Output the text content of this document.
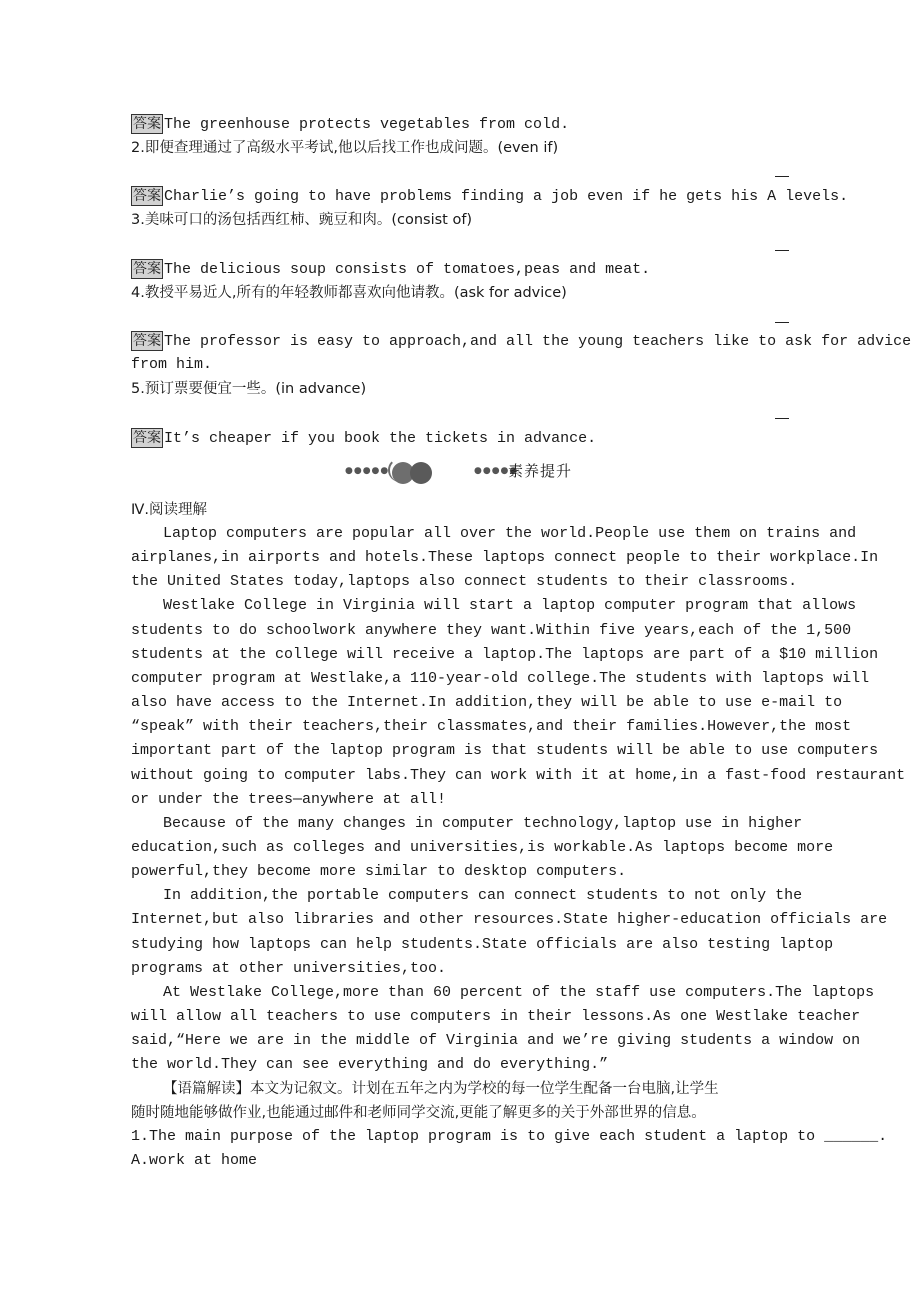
答案 The greenhouse protects vegetables from cold.
2.即便查理通过了高级水平考试,他以后找工作也成问题。(even if)
答案 Charlie’s going to have problems finding a job even if he gets his A levels.
3.美味可口的汤包括西红柿、豌豆和肉。(consist of)
答案 The delicious soup consists of tomatoes,peas and meat.
4.教授平易近人,所有的年轻教师都喜欢向他请教。(ask for advice)
答案 The professor is easy to approach,and all the young teachers like to ask for advice
from him.
5.预订票要便宜一些。(in advance)
答案 It’s cheaper if you book the tickets in advance.
●●●●●	●●●●●
素养提升
Ⅳ.阅读理解
Laptop computers are popular all over the world.People use them on trains and
airplanes,in airports and hotels.These laptops connect people to their workplace.In
the United States today,laptops also connect students to their classrooms.
Westlake College in Virginia will start a laptop computer program that allows
students to do schoolwork anywhere they want.Within five years,each of the 1,500
students at the college will receive a laptop.The laptops are part of a $10 million
computer program at Westlake,a 110-year-old college.The students with laptops will
also have access to the Internet.In addition,they will be able to use e-mail to
“speak” with their teachers,their classmates,and their families.However,the most
important part of the laptop program is that students will be able to use computers
without going to computer labs.They can work with it at home,in a fast-food restaurant
or under the trees—anywhere at all!
Because of the many changes in computer technology,laptop use in higher
education,such as colleges and universities,is workable.As laptops become more
powerful,they become more similar to desktop computers.
In addition,the portable computers can connect students to not only the
Internet,but also libraries and other resources.State higher-education officials are
studying how laptops can help students.State officials are also testing laptop
programs at other universities,too.
At Westlake College,more than 60 percent of the staff use computers.The laptops
will allow all teachers to use computers in their lessons.As one Westlake teacher
said,“Here we are in the middle of Virginia and we’re giving students a window on
the world.They can see everything and do everything.”
【语篇解读】本文为记叙文。计划在五年之内为学校的每一位学生配备一台电脑,让学生
随时随地能够做作业,也能通过邮件和老师同学交流,更能了解更多的关于外部世界的信息。
1.The main purpose of the laptop program is to give each student a laptop to ______.
A.work at home
